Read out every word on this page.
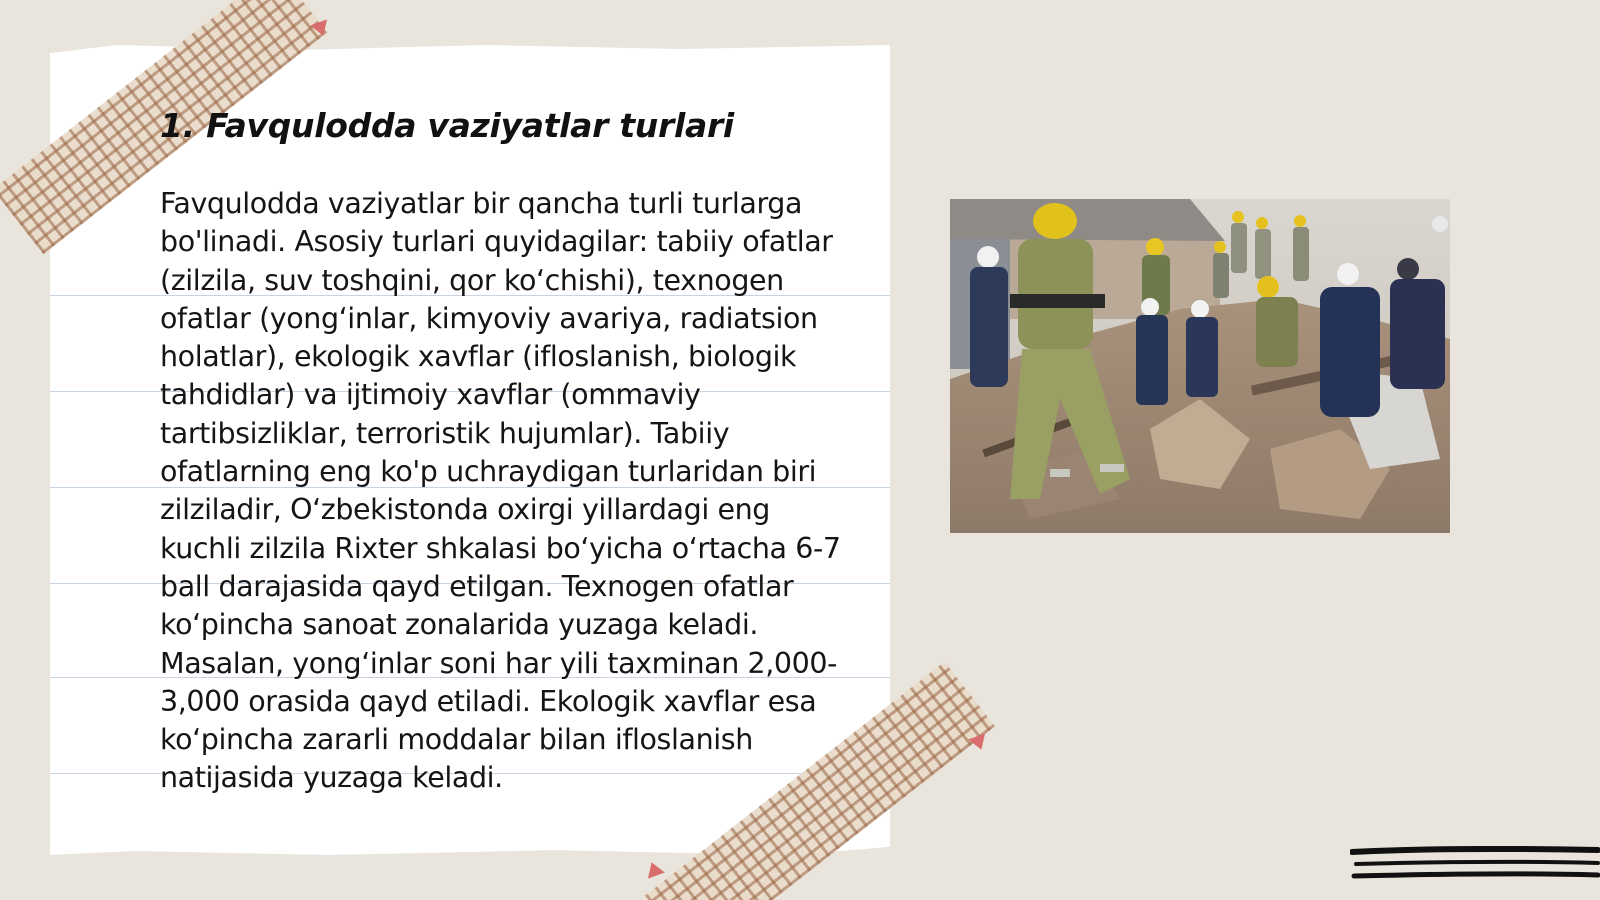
1. Favqulodda vaziyatlar turlari

Favqulodda vaziyatlar bir qancha turli turlarga bo'linadi. Asosiy turlari quyidagilar: tabiiy ofatlar (zilzila, suv toshqini, qor ko‘chishi), texnogen ofatlar (yong‘inlar, kimyoviy avariya, radiatsion holatlar), ekologik xavflar (ifloslanish, biologik tahdidlar) va ijtimoiy xavflar (ommaviy tartibsizliklar, terroristik hujumlar). Tabiiy ofatlarning eng ko'p uchraydigan turlaridan biri zilziladir, O‘zbekistonda oxirgi yillardagi eng kuchli zilzila Rixter shkalasi bo‘yicha o‘rtacha 6-7 ball darajasida qayd etilgan. Texnogen ofatlar ko‘pincha sanoat zonalarida yuzaga keladi. Masalan, yong‘inlar soni har yili taxminan 2,000-3,000 orasida qayd etiladi. Ekologik xavflar esa ko‘pincha zararli moddalar bilan ifloslanish natijasida yuzaga keladi.
